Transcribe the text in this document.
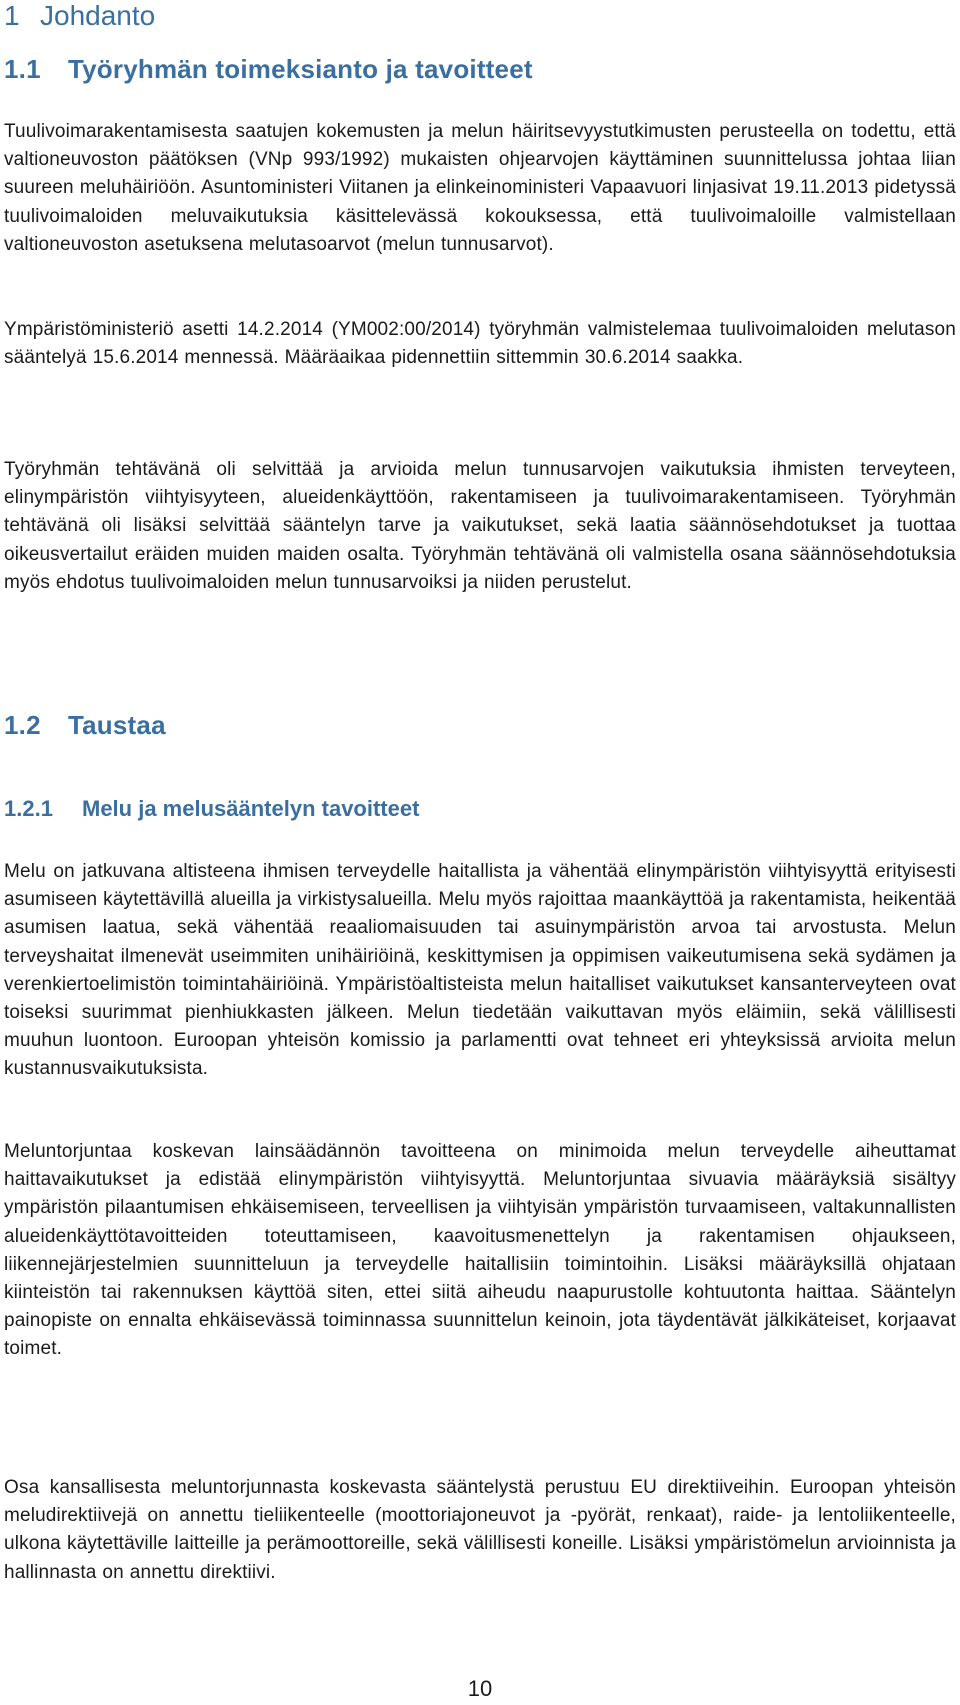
1 Johdanto
1.1 Työryhmän toimeksianto ja tavoitteet

Tuulivoimarakentamisesta saatujen kokemusten ja melun häiritsevyystutkimusten perusteella on todettu, että valtioneuvoston päätöksen (VNp 993/1992) mukaisten ohjearvojen käyttäminen suunnittelussa johtaa liian suureen meluhäiriöön. Asuntoministeri Viitanen ja elinkeinoministeri Vapaavuori linjasivat 19.11.2013 pidetyssä tuulivoimaloiden meluvaikutuksia käsittelevässä kokouksessa, että tuulivoimaloille valmistellaan valtioneuvoston asetuksena melutasoarvot (melun tunnusarvot).

Ympäristöministeriö asetti 14.2.2014 (YM002:00/2014) työryhmän valmistelemaa tuulivoimaloiden melutason sääntelyä 15.6.2014 mennessä. Määräaikaa pidennettiin sittemmin 30.6.2014 saakka.

Työryhmän tehtävänä oli selvittää ja arvioida melun tunnusarvojen vaikutuksia ihmisten terveyteen, elinympäristön viihtyisyyteen, alueidenkäyttöön, rakentamiseen ja tuulivoimarakentamiseen. Työryhmän tehtävänä oli lisäksi selvittää sääntelyn tarve ja vaikutukset, sekä laatia säännösehdotukset ja tuottaa oikeusvertailut eräiden muiden maiden osalta. Työryhmän tehtävänä oli valmistella osana säännösehdotuksia myös ehdotus tuulivoimaloiden melun tunnusarvoiksi ja niiden perustelut.

1.2 Taustaa
1.2.1 Melu ja melusääntelyn tavoitteet

Melu on jatkuvana altisteena ihmisen terveydelle haitallista ja vähentää elinympäristön viihtyisyyttä erityisesti asumiseen käytettävillä alueilla ja virkistysalueilla. Melu myös rajoittaa maankäyttöä ja rakentamista, heikentää asumisen laatua, sekä vähentää reaaliomaisuuden tai asuinympäristön arvoa tai arvostusta. Melun terveyshaitat ilmenevät useimmiten unihäiriöinä, keskittymisen ja oppimisen vaikeutumisena sekä sydämen ja verenkiertoelimistön toimintahäiriöinä. Ympäristöaltisteista melun haitalliset vaikutukset kansanterveyteen ovat toiseksi suurimmat pienhiukkasten jälkeen. Melun tiedetään vaikuttavan myös eläimiin, sekä välillisesti muuhun luontoon. Euroopan yhteisön komissio ja parlamentti ovat tehneet eri yhteyksissä arvioita melun kustannusvaikutuksista.

Meluntorjuntaa koskevan lainsäädännön tavoitteena on minimoida melun terveydelle aiheuttamat haittavaikutukset ja edistää elinympäristön viihtyisyyttä. Meluntorjuntaa sivuavia määräyksiä sisältyy ympäristön pilaantumisen ehkäisemiseen, terveellisen ja viihtyisän ympäristön turvaamiseen, valtakunnallisten alueidenkäyttötavoitteiden toteuttamiseen, kaavoitusmenettelyn ja rakentamisen ohjaukseen, liikennejärjestelmien suunnitteluun ja terveydelle haitallisiin toimintoihin. Lisäksi määräyksillä ohjataan kiinteistön tai rakennuksen käyttöä siten, ettei siitä aiheudu naapurustolle kohtuutonta haittaa. Sääntelyn painopiste on ennalta ehkäisevässä toiminnassa suunnittelun keinoin, jota täydentävät jälkikäteiset, korjaavat toimet.

Osa kansallisesta meluntorjunnasta koskevasta sääntelystä perustuu EU direktiiveihin. Euroopan yhteisön meludirektiivejä on annettu tieliikenteelle (moottoriajoneuvot ja -pyörät, renkaat), raide- ja lentoliikenteelle, ulkona käytettäville laitteille ja perämoottoreille, sekä välillisesti koneille. Lisäksi ympäristömelun arvioinnista ja hallinnasta on annettu direktiivi.

10
